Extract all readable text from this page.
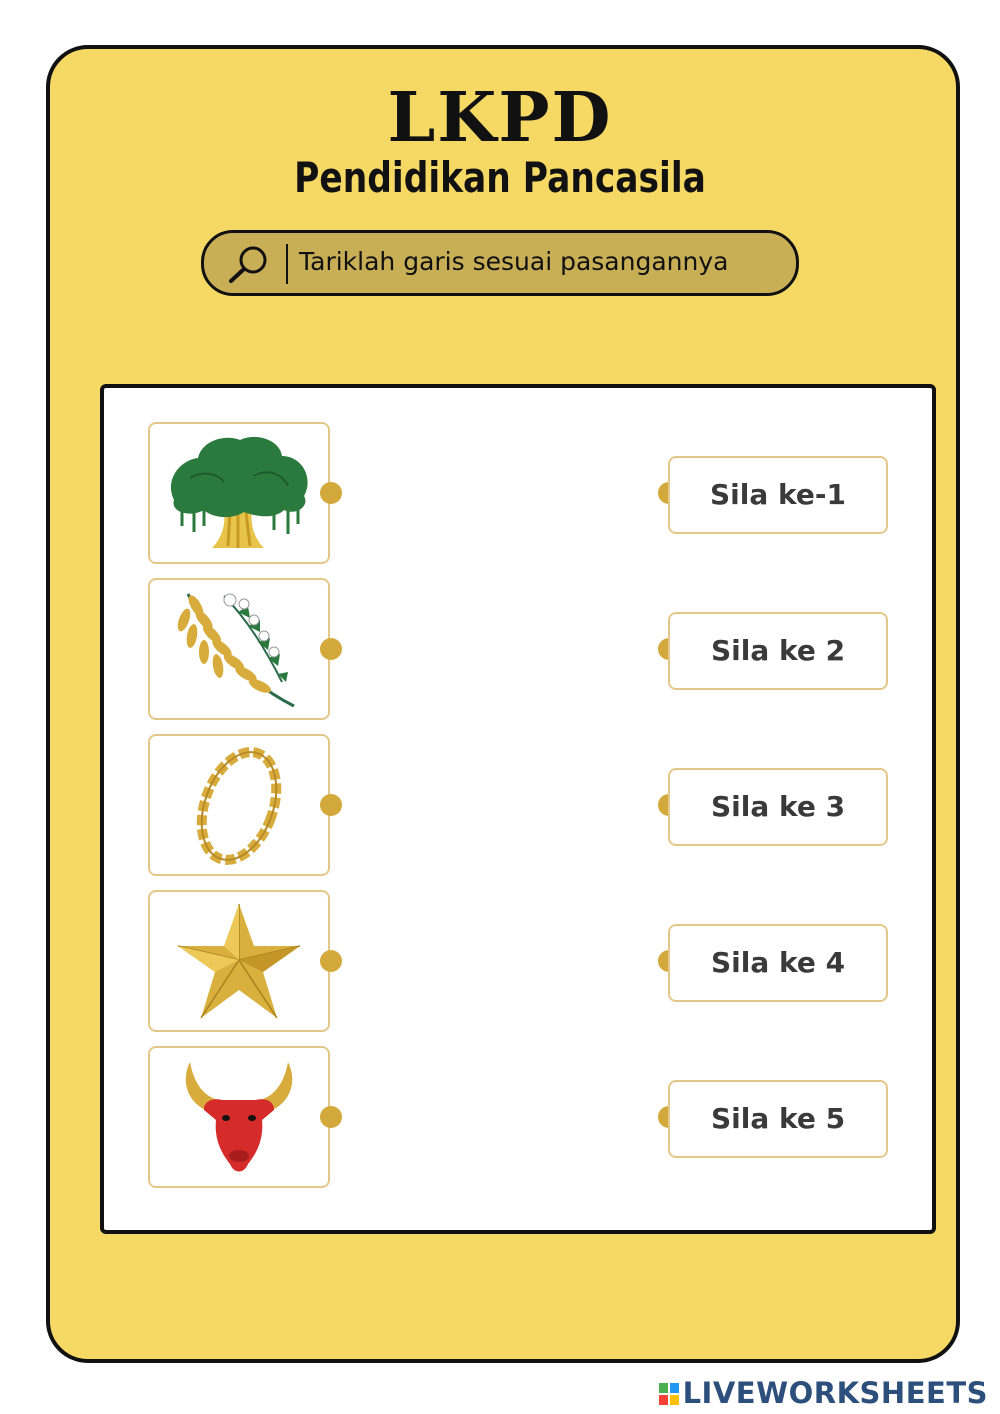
LKPD
Pendidikan Pancasila
Tariklah garis sesuai pasangannya
Sila ke-1
Sila ke 2
Sila ke 3
Sila ke 4
Sila ke 5
LIVEWORKSHEETS
